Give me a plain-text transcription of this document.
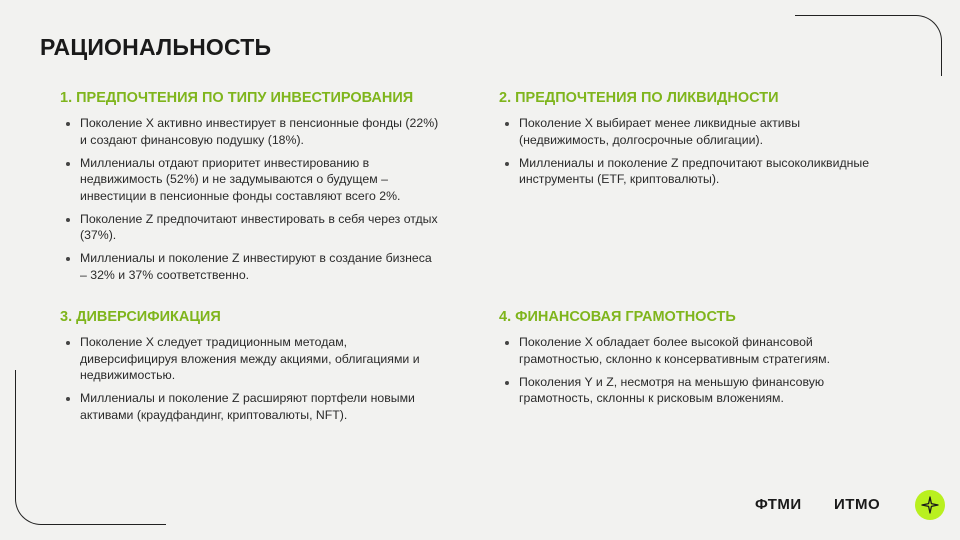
РАЦИОНАЛЬНОСТЬ
1. ПРЕДПОЧТЕНИЯ ПО ТИПУ ИНВЕСТИРОВАНИЯ
Поколение X активно инвестирует в пенсионные фонды (22%) и создают финансовую подушку (18%).
Миллениалы отдают приоритет инвестированию в недвижимость (52%) и не задумываются о будущем – инвестиции в пенсионные фонды составляют всего 2%.
Поколение Z предпочитают инвестировать в себя через отдых (37%).
Миллениалы и поколение Z инвестируют в создание бизнеса – 32% и 37% соответственно.
2. ПРЕДПОЧТЕНИЯ ПО ЛИКВИДНОСТИ
Поколение X выбирает менее ликвидные активы (недвижимость, долгосрочные облигации).
Миллениалы и поколение Z предпочитают высоколиквидные инструменты (ETF, криптовалюты).
3. ДИВЕРСИФИКАЦИЯ
Поколение X следует традиционным методам, диверсифицируя вложения между акциями, облигациями и недвижимостью.
Миллениалы и поколение Z расширяют портфели новыми активами (краудфандинг, криптовалюты, NFT).
4. ФИНАНСОВАЯ ГРАМОТНОСТЬ
Поколение X обладает более высокой финансовой грамотностью, склонно к консервативным стратегиям.
Поколения Y и Z, несмотря на меньшую финансовую грамотность, склонны к рисковым вложениям.
ФТМИ ИTMO
